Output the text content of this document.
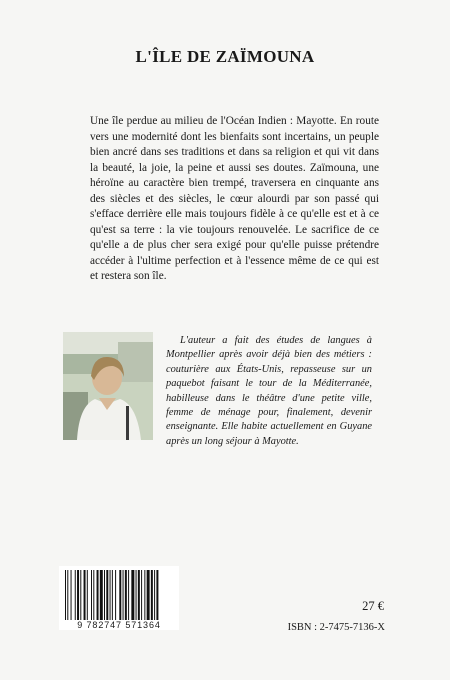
L'ÎLE DE ZAÏMOUNA

Une île perdue au milieu de l'Océan Indien : Mayotte. En route vers une modernité dont les bienfaits sont incertains, un peuple bien ancré dans ses traditions et dans sa religion et qui vit dans la beauté, la joie, la peine et aussi ses doutes. Zaïmouna, une héroïne au caractère bien trempé, traversera en cinquante ans des siècles et des siècles, le cœur alourdi par son passé qui s'efface derrière elle mais toujours fidèle à ce qu'elle est et à ce qu'est sa terre : la vie toujours renouvelée. Le sacrifice de ce qu'elle a de plus cher sera exigé pour qu'elle puisse prétendre accéder à l'ultime perfection et à l'essence même de ce qui est et restera son île.

L'auteur a fait des études de langues à Montpellier après avoir déjà bien des métiers : couturière aux États-Unis, repasseuse sur un paquebot faisant le tour de la Méditerranée, habilleuse dans le théâtre d'une petite ville, femme de ménage pour, finalement, devenir enseignante. Elle habite actuellement en Guyane après un long séjour à Mayotte.

9 782747 571364
27 €
ISBN : 2-7475-7136-X
